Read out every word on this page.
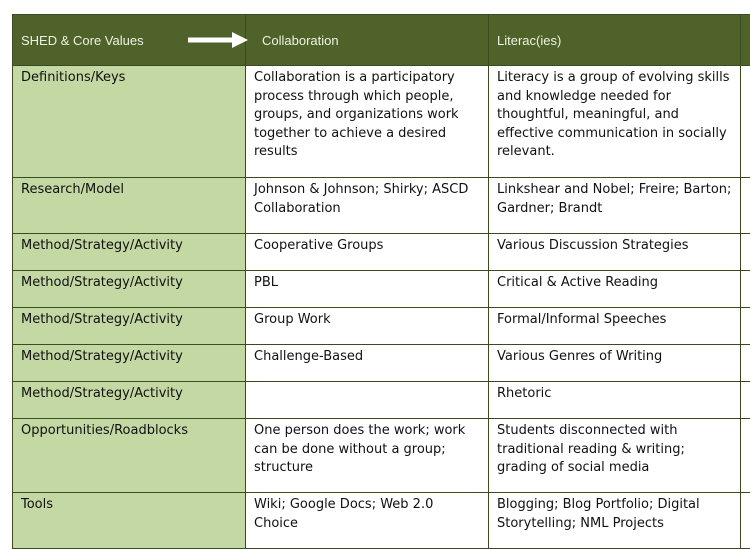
SHED & Core Values	Collaboration	Literac(ies)	
Definitions/Keys	Collaboration is a participatory process through which people, groups, and organizations work together to achieve a desired results	Literacy is a group of evolving skills and knowledge needed for thoughtful, meaningful, and effective communication in socially relevant.	
Research/Model	Johnson & Johnson; Shirky; ASCD Collaboration	Linkshear and Nobel; Freire; Barton; Gardner; Brandt	
Method/Strategy/Activity	Cooperative Groups	Various Discussion Strategies	
Method/Strategy/Activity	PBL	Critical & Active Reading	
Method/Strategy/Activity	Group Work	Formal/Informal Speeches	
Method/Strategy/Activity	Challenge-Based	Various Genres of Writing	
Method/Strategy/Activity		Rhetoric	
Opportunities/Roadblocks	One person does the work; work can be done without a group; structure	Students disconnected with traditional reading & writing; grading of social media	
Tools	Wiki; Google Docs; Web 2.0 Choice	Blogging; Blog Portfolio; Digital Storytelling; NML Projects	
